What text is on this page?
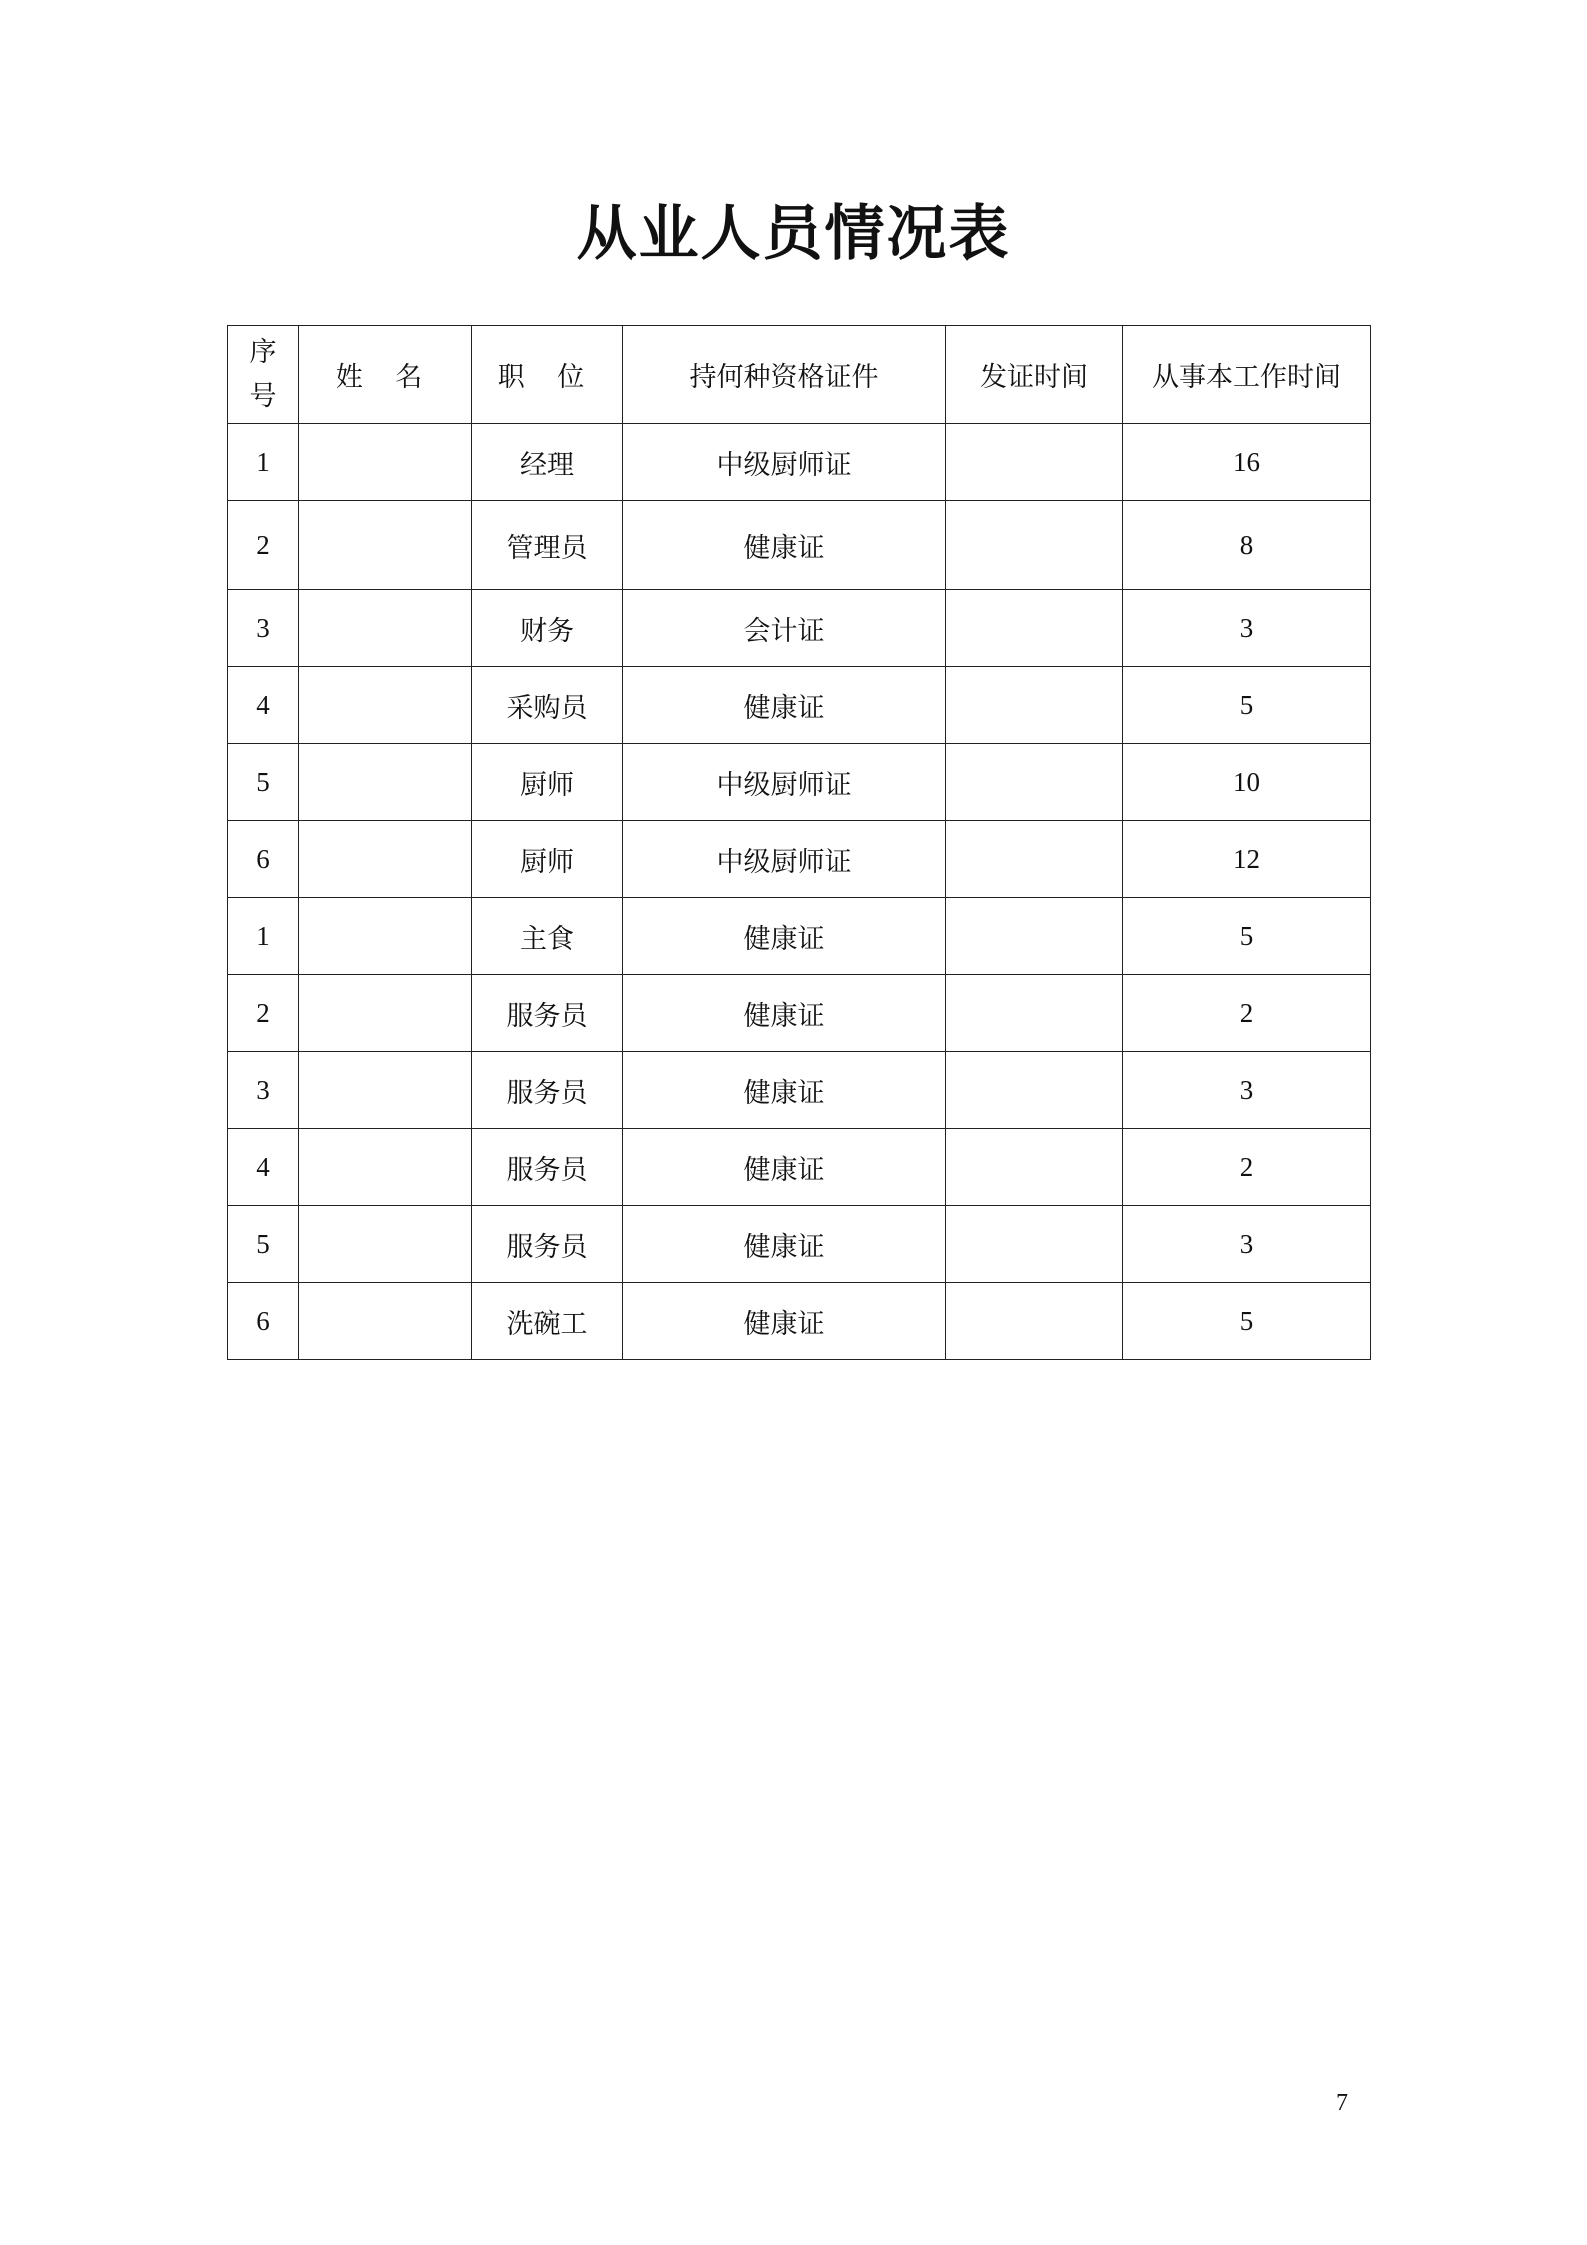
从业人员情况表
序
号	姓 名	职 位	持何种资格证件	发证时间	从事本工作时间
1		经理	中级厨师证		16
2		管理员	健康证		8
3		财务	会计证		3
4		采购员	健康证		5
5		厨师	中级厨师证		10
6		厨师	中级厨师证		12
1		主食	健康证		5
2		服务员	健康证		2
3		服务员	健康证		3
4		服务员	健康证		2
5		服务员	健康证		3
6		洗碗工	健康证		5
7
